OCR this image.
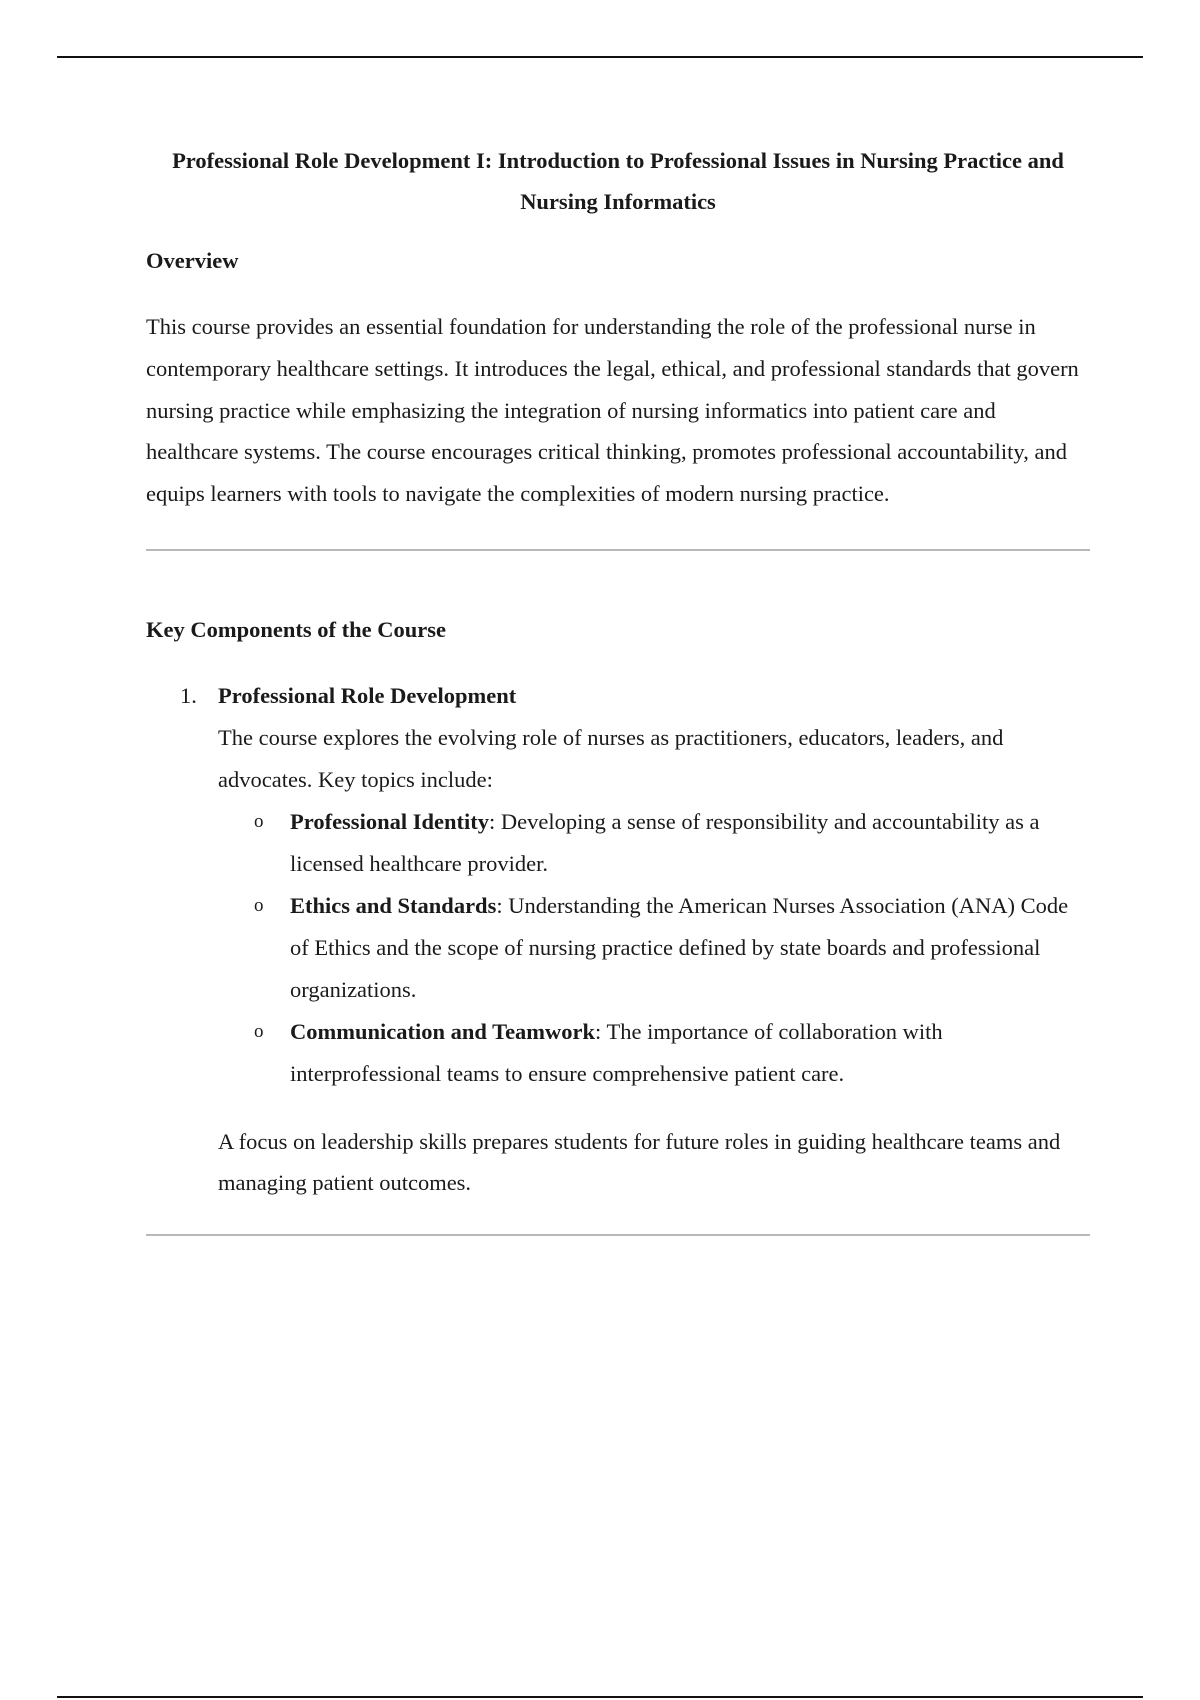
Professional Role Development I: Introduction to Professional Issues in Nursing Practice and Nursing Informatics
Overview

This course provides an essential foundation for understanding the role of the professional nurse in contemporary healthcare settings. It introduces the legal, ethical, and professional standards that govern nursing practice while emphasizing the integration of nursing informatics into patient care and healthcare systems. The course encourages critical thinking, promotes professional accountability, and equips learners with tools to navigate the complexities of modern nursing practice.

Key Components of the Course
1. Professional Role Development

The course explores the evolving role of nurses as practitioners, educators, leaders, and advocates. Key topics include:

o Professional Identity: Developing a sense of responsibility and accountability as a licensed healthcare provider.
o Ethics and Standards: Understanding the American Nurses Association (ANA) Code of Ethics and the scope of nursing practice defined by state boards and professional organizations.
o Communication and Teamwork: The importance of collaboration with interprofessional teams to ensure comprehensive patient care.

A focus on leadership skills prepares students for future roles in guiding healthcare teams and managing patient outcomes.
